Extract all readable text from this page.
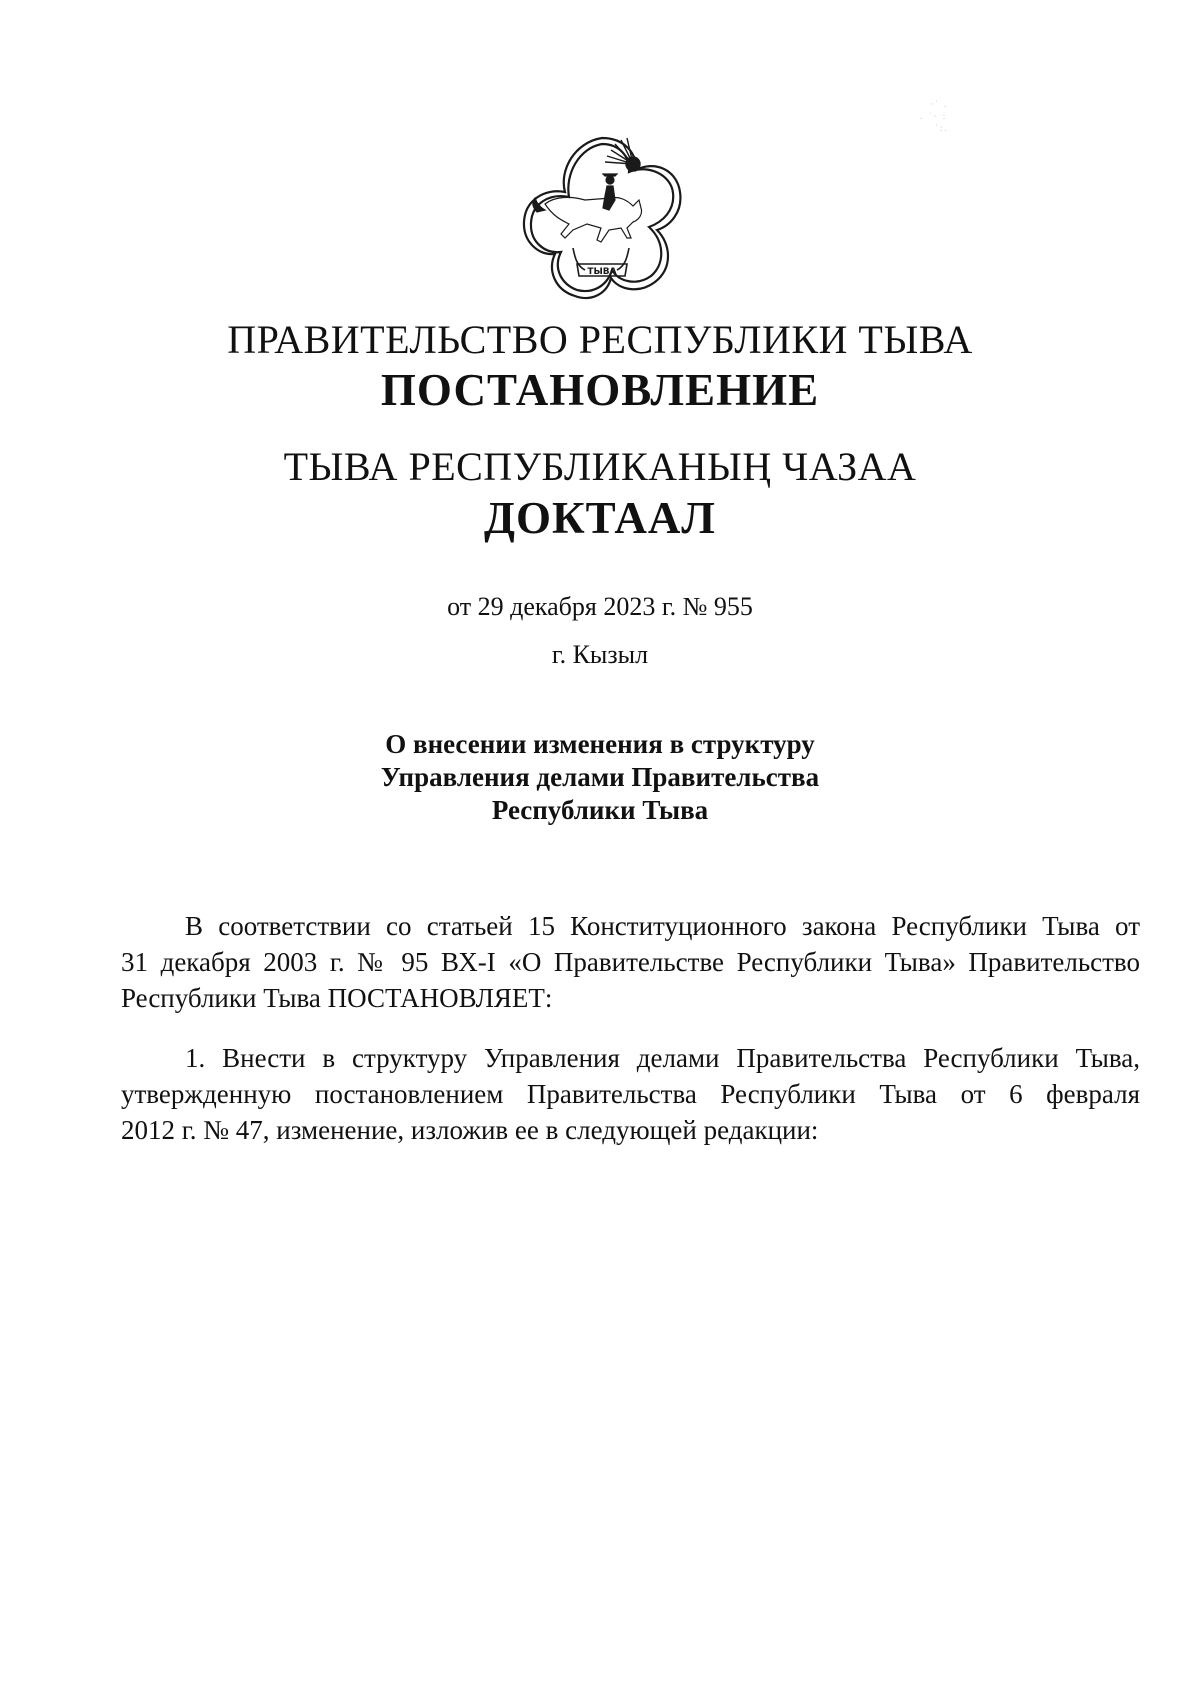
ТЫВА
·˙ .
. ˙· :
˙:.
ПРАВИТЕЛЬСТВО РЕСПУБЛИКИ ТЫВА
ПОСТАНОВЛЕНИЕ
ТЫВА РЕСПУБЛИКАНЫҢ ЧАЗАА
ДОКТААЛ
от 29 декабря 2023 г. № 955
г. Кызыл
О внесении изменения в структуру
Управления делами Правительства
Республики Тыва
В соответствии со статьей 15 Конституционного закона Республики Тыва от
31 декабря 2003 г. № 95 ВХ-I «О Правительстве Республики Тыва» Правительство
Республики Тыва ПОСТАНОВЛЯЕТ:
1. Внести в структуру Управления делами Правительства Республики Тыва,
утвержденную постановлением Правительства Республики Тыва от 6 февраля
2012 г. № 47, изменение, изложив ее в следующей редакции:
